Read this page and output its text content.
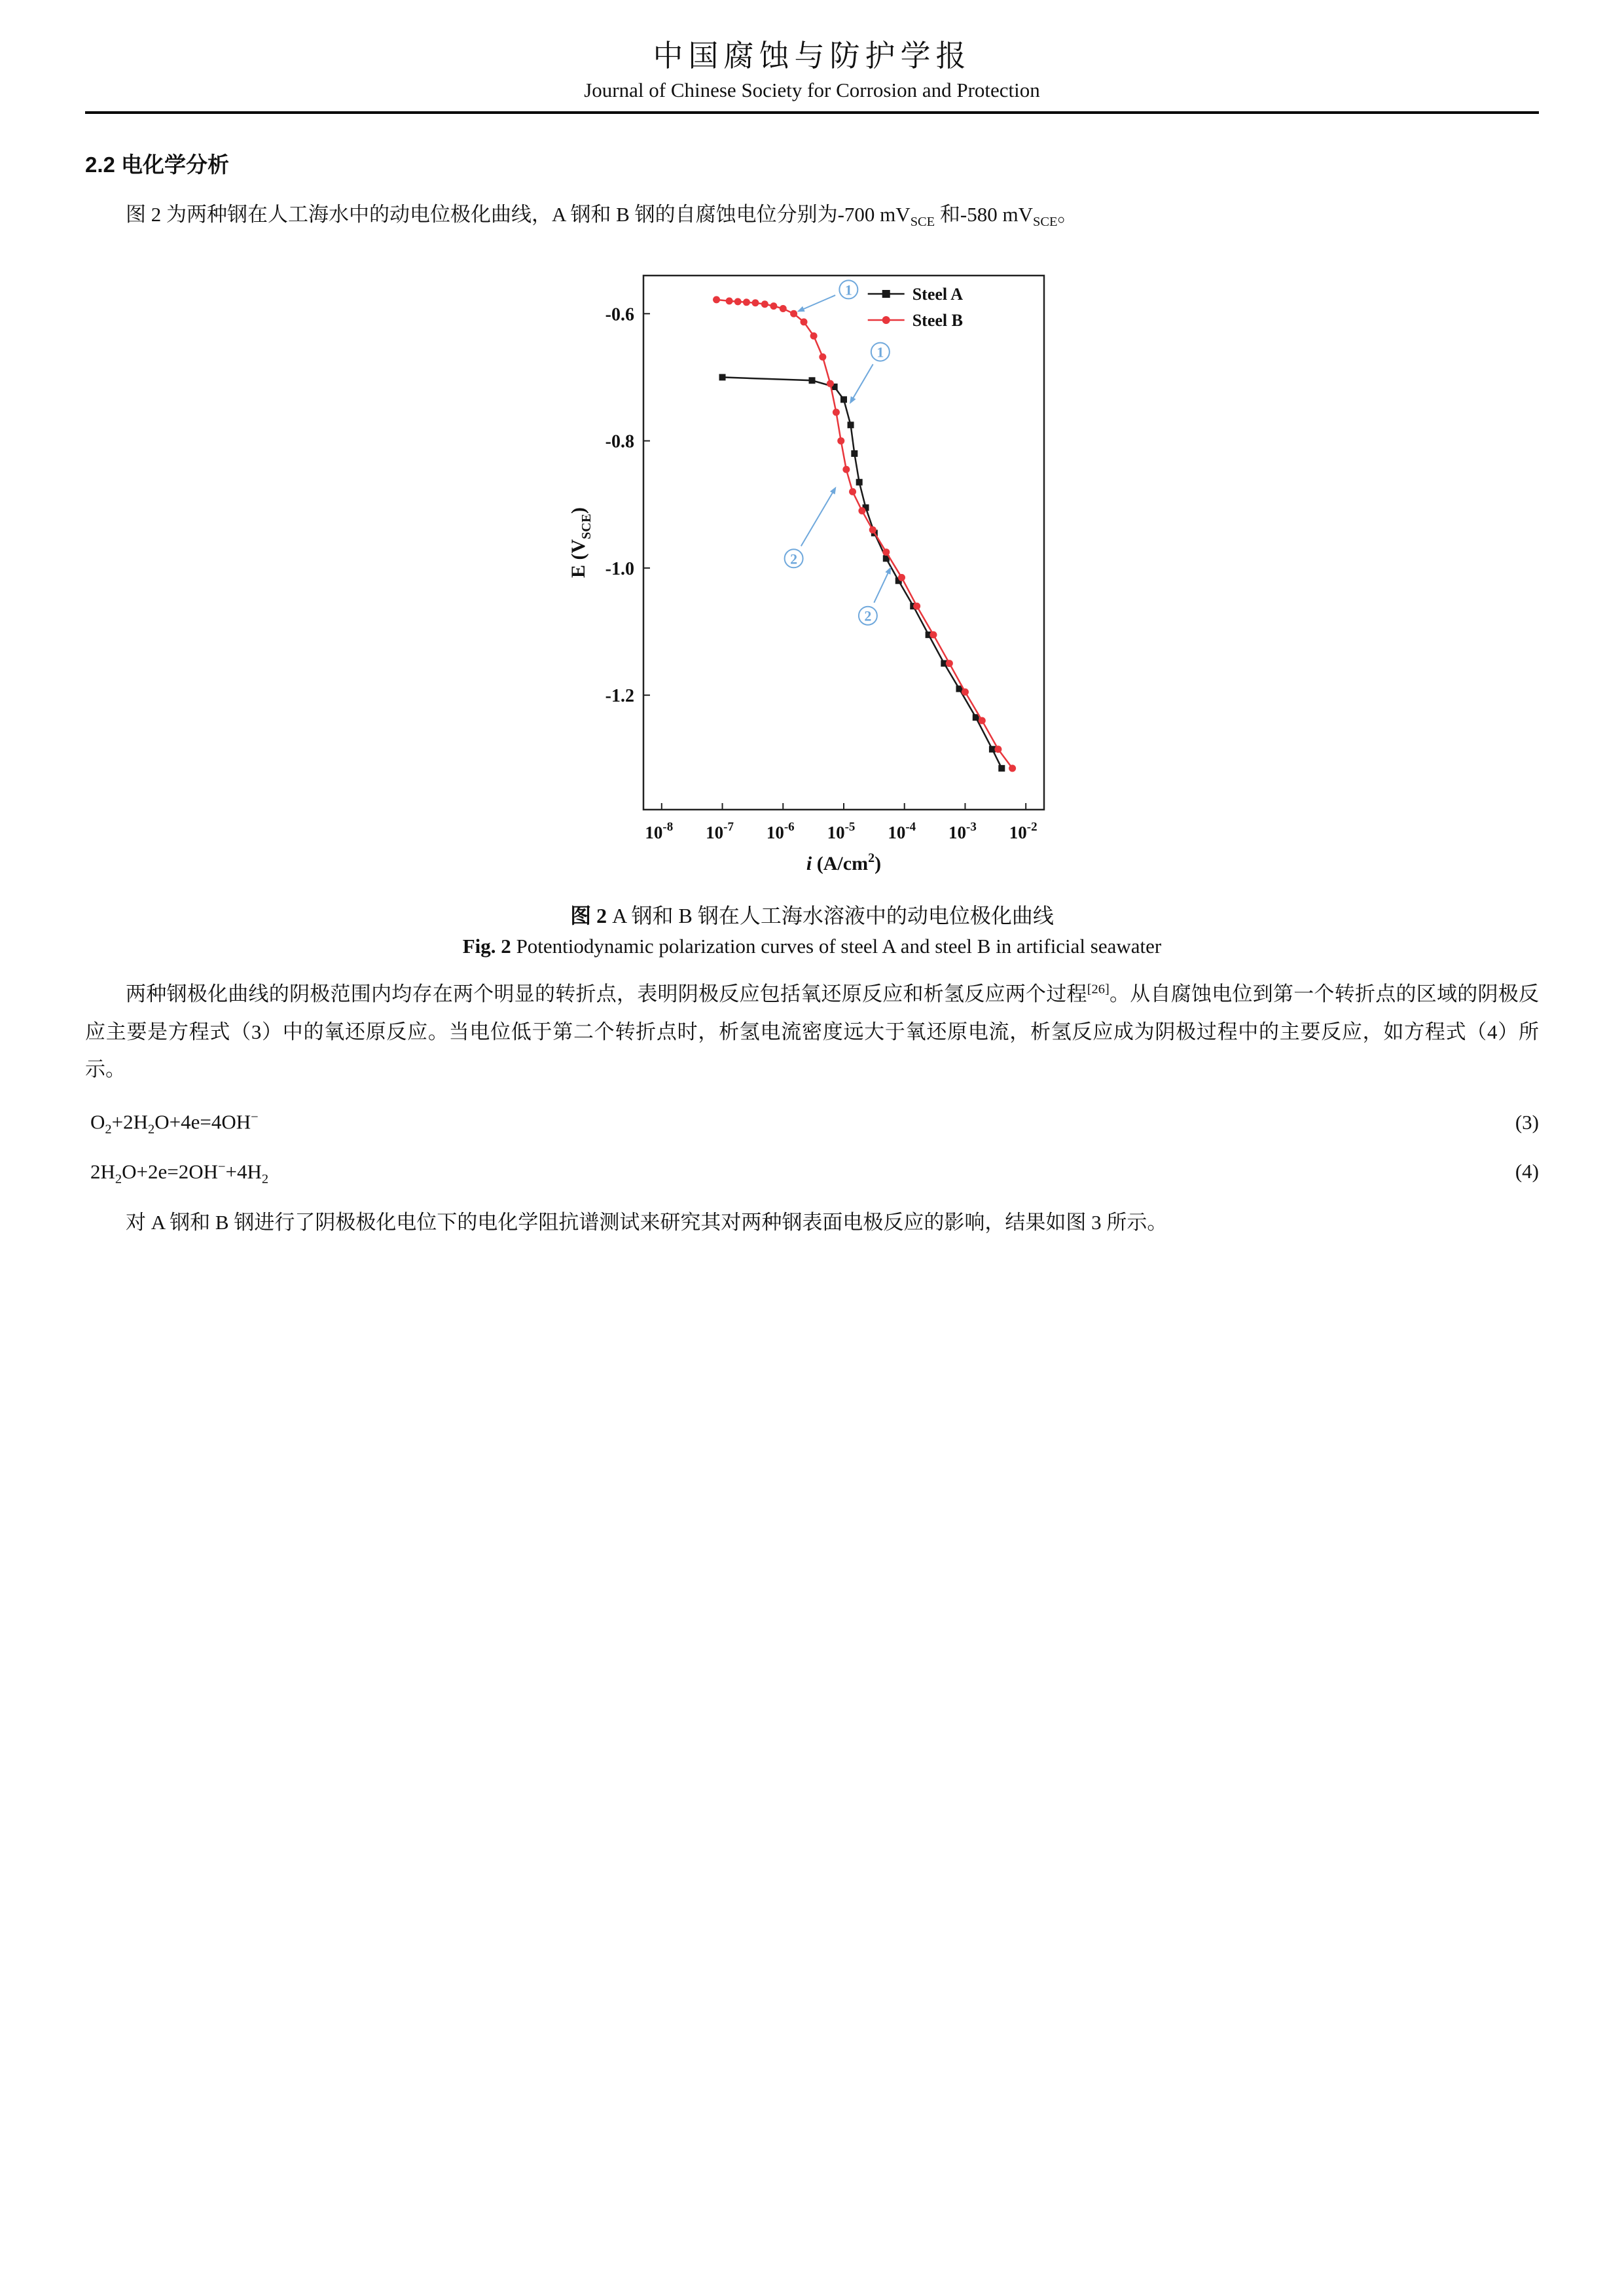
中国腐蚀与防护学报
Journal of Chinese Society for Corrosion and Protection
2.2 电化学分析

图 2 为两种钢在人工海水中的动电位极化曲线，A 钢和 B 钢的自腐蚀电位分别为-700 $mV_{SCE}$ 和-580 $mV_{SCE}$。

-0.6
-0.8
-1.0
-1.2
$10^{-8}$ $10^{-7}$ $10^{-6}$ $10^{-5}$ $10^{-4}$ $10^{-3}$ $10^{-2}$
i $(A/cm^2)$
E $(V_{SCE})$
Steel A
Steel B
1
1
2
2
图 2 A 钢和 B 钢在人工海水溶液中的动电位极化曲线
Fig. 2 Potentiodynamic polarization curves of steel A and steel B in artificial seawater

两种钢极化曲线的阴极范围内均存在两个明显的转折点，表明阴极反应包括氧还原反应和析氢反应两个过程[26]。从自腐蚀电位到第一个转折点的区域的阴极反应主要是方程式（3）中的氧还原反应。当电位低于第二个转折点时，析氢电流密度远大于氧还原电流，析氢反应成为阴极过程中的主要反应，如方程式（4）所示。

$O_2+2H_2O+4e=4OH^-$	(3)
$2H_2O+2e=2OH^-+4H_2$	(4)

对 A 钢和 B 钢进行了阴极极化电位下的电化学阻抗谱测试来研究其对两种钢表面电极反应的影响，结果如图 3 所示。
